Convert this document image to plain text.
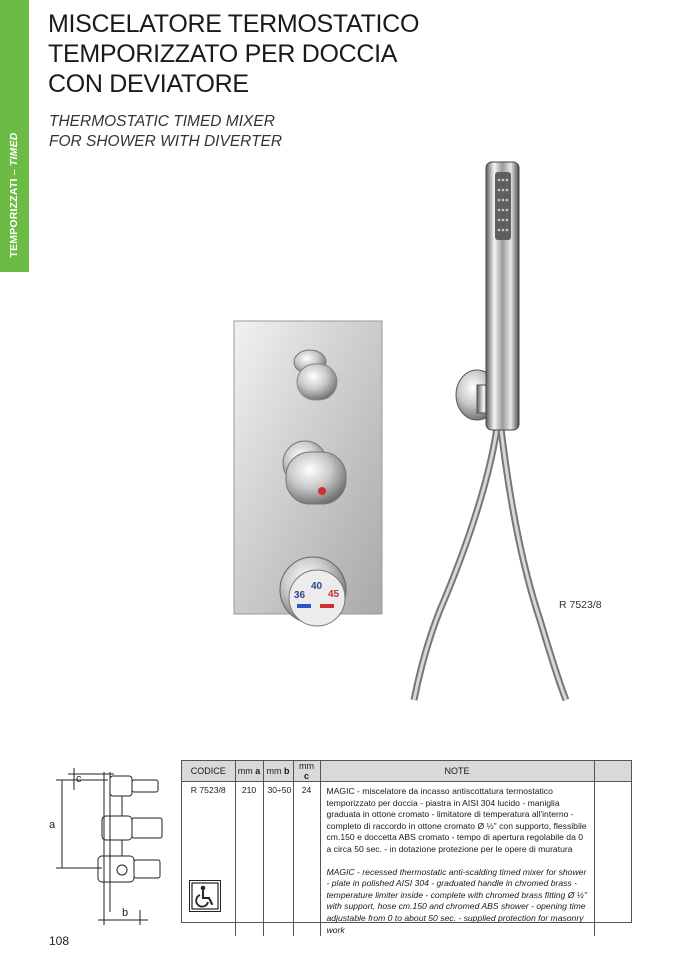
TEMPORIZZATI – TIMED
MISCELATORE TERMOSTATICO
TEMPORIZZATO PER DOCCIA
CON DEVIATORE
THERMOSTATIC TIMED MIXER
FOR SHOWER WITH DIVERTER
36
40
45
R 7523/8
c
a
b
CODICE	mm a	mm b	mm c	NOTE	
R 7523/8	210	30÷50	24	MAGIC - miscelatore da incasso antiscottatura termostatico temporizzato per doccia - piastra in AISI 304 lucido - maniglia graduata in ottone cromato - limitatore di temperatura all'interno - completo di raccordo in ottone cromato Ø ½" con supporto, flessibile cm.150 e doccetta ABS cromato - tempo di apertura regolabile da 0 a circa 50 sec. - in dotazione protezione per le opere di muratura

MAGIC - recessed thermostatic anti-scalding timed mixer for shower - plate in polished AISI 304 - graduated handle in chromed brass -temperature limiter inside - complete with chromed brass fitting Ø ½" with support, hose cm.150 and chromed ABS shower - opening time adjustable from 0 to about 50 sec. - supplied protection for masonry work	

108
